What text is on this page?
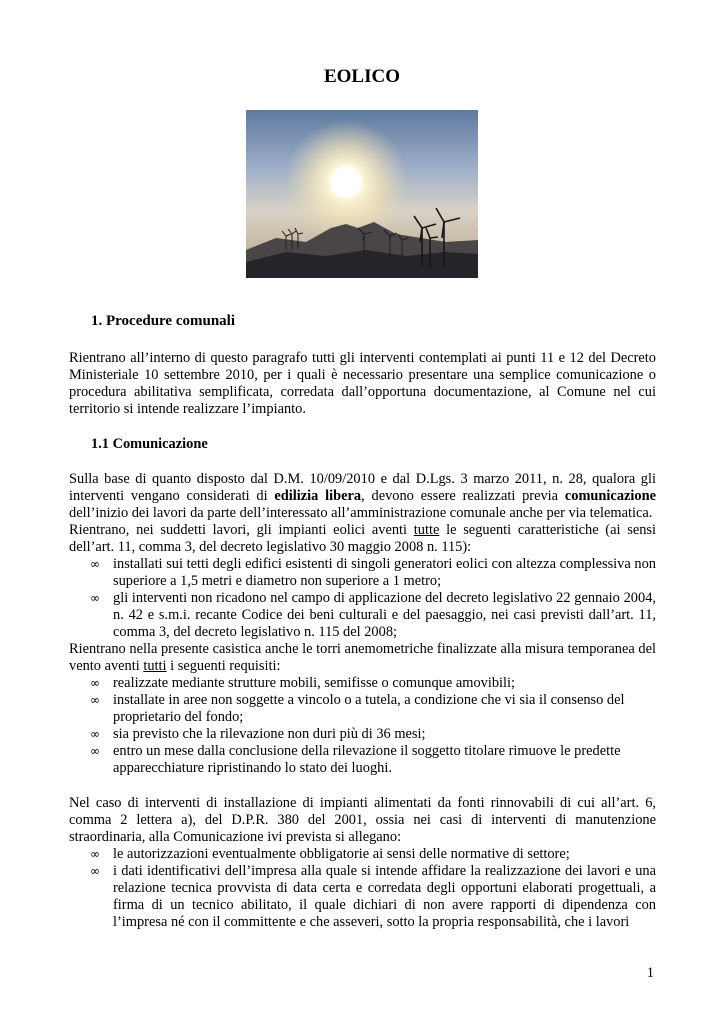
EOLICO
1. Procedure comunali

Rientrano all’interno di questo paragrafo tutti gli interventi contemplati ai punti 11 e 12 del Decreto Ministeriale 10 settembre 2010, per i quali è necessario presentare una semplice comunicazione o procedura abilitativa semplificata, corredata dall’opportuna documentazione, al Comune nel cui territorio si intende realizzare l’impianto.

1.1 Comunicazione

Sulla base di quanto disposto dal D.M. 10/09/2010 e dal D.Lgs. 3 marzo 2011, n. 28, qualora gli interventi vengano considerati di edilizia libera, devono essere realizzati previa comunicazione dell’inizio dei lavori da parte dell’interessato all’amministrazione comunale anche per via telematica.

Rientrano, nei suddetti lavori, gli impianti eolici aventi tutte le seguenti caratteristiche (ai sensi dell’art. 11, comma 3, del decreto legislativo 30 maggio 2008 n. 115):

∞ installati sui tetti degli edifici esistenti di singoli generatori eolici con altezza complessiva non superiore a 1,5 metri e diametro non superiore a 1 metro;
∞ gli interventi non ricadono nel campo di applicazione del decreto legislativo 22 gennaio 2004, n. 42 e s.m.i. recante Codice dei beni culturali e del paesaggio, nei casi previsti dall’art. 11, comma 3, del decreto legislativo n. 115 del 2008;

Rientrano nella presente casistica anche le torri anemometriche finalizzate alla misura temporanea del vento aventi tutti i seguenti requisiti:

∞ realizzate mediante strutture mobili, semifisse o comunque amovibili;
∞ installate in aree non soggette a vincolo o a tutela, a condizione che vi sia il consenso del proprietario del fondo;
∞ sia previsto che la rilevazione non duri più di 36 mesi;
∞ entro un mese dalla conclusione della rilevazione il soggetto titolare rimuove le predette apparecchiature ripristinando lo stato dei luoghi.

Nel caso di interventi di installazione di impianti alimentati da fonti rinnovabili di cui all’art. 6, comma 2 lettera a), del D.P.R. 380 del 2001, ossia nei casi di interventi di manutenzione straordinaria, alla Comunicazione ivi prevista si allegano:

∞ le autorizzazioni eventualmente obbligatorie ai sensi delle normative di settore;
∞ i dati identificativi dell’impresa alla quale si intende affidare la realizzazione dei lavori e una relazione tecnica provvista di data certa e corredata degli opportuni elaborati progettuali, a firma di un tecnico abilitato, il quale dichiari di non avere rapporti di dipendenza con l’impresa né con il committente e che asseveri, sotto la propria responsabilità, che i lavori
1
